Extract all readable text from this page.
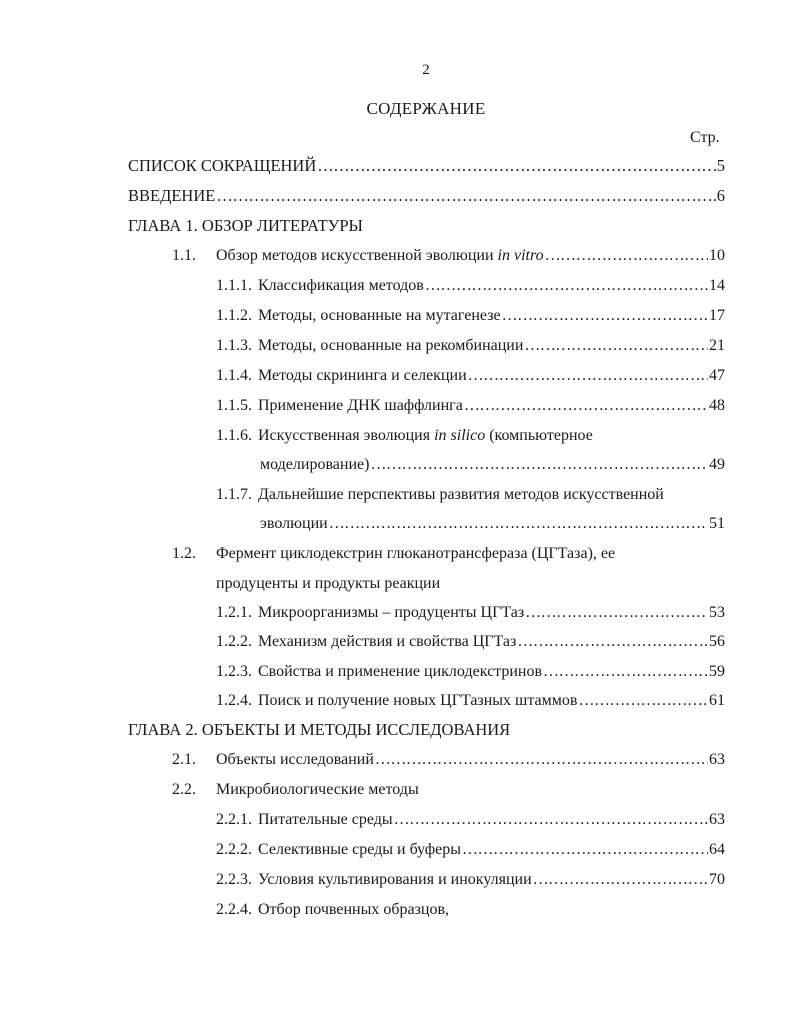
2
СОДЕРЖАНИЕ
Стр.
СПИСОК СОКРАЩЕНИЙ ……………………………………………………………………………………………………………………………………………………………………………………	5
ВВЕДЕНИЕ ……………………………………………………………………………………………………………………………………………………………………………………	6
ГЛАВА 1. ОБЗОР ЛИТЕРАТУРЫ
1.1.	Обзор методов искусственной эволюции in vitro ……………………………………………………………………………………………………………………………………………………………………………………	10
1.1.1. Классификация методов ……………………………………………………………………………………………………………………………………………………………………………………	14
1.1.2. Методы, основанные на мутагенезе ……………………………………………………………………………………………………………………………………………………………………………………	17
1.1.3. Методы, основанные на рекомбинации ……………………………………………………………………………………………………………………………………………………………………………………	21
1.1.4. Методы скрининга и селекции ……………………………………………………………………………………………………………………………………………………………………………………	47
1.1.5. Применение ДНК шаффлинга ……………………………………………………………………………………………………………………………………………………………………………………	48
1.1.6. Искусственная эволюция in silico (компьютерное
моделирование) ……………………………………………………………………………………………………………………………………………………………………………………	49
1.1.7. Дальнейшие перспективы развития методов искусственной
эволюции ……………………………………………………………………………………………………………………………………………………………………………………	51
1.2.	Фермент циклодекстрин глюканотрансфераза (ЦГТаза), ее
продуценты и продукты реакции
1.2.1. Микроорганизмы – продуценты ЦГТаз ……………………………………………………………………………………………………………………………………………………………………………………	53
1.2.2. Механизм действия и свойства ЦГТаз ……………………………………………………………………………………………………………………………………………………………………………………	56
1.2.3. Свойства и применение циклодекстринов ……………………………………………………………………………………………………………………………………………………………………………………	59
1.2.4. Поиск и получение новых ЦГТазных штаммов ……………………………………………………………………………………………………………………………………………………………………………………	61
ГЛАВА 2. ОБЪЕКТЫ И МЕТОДЫ ИССЛЕДОВАНИЯ
2.1.	Объекты исследований ……………………………………………………………………………………………………………………………………………………………………………………	63
2.2.	Микробиологические методы
2.2.1. Питательные среды ……………………………………………………………………………………………………………………………………………………………………………………	63
2.2.2. Селективные среды и буферы ……………………………………………………………………………………………………………………………………………………………………………………	64
2.2.3. Условия культивирования и инокуляции ……………………………………………………………………………………………………………………………………………………………………………………	70
2.2.4. Отбор почвенных образцов,
